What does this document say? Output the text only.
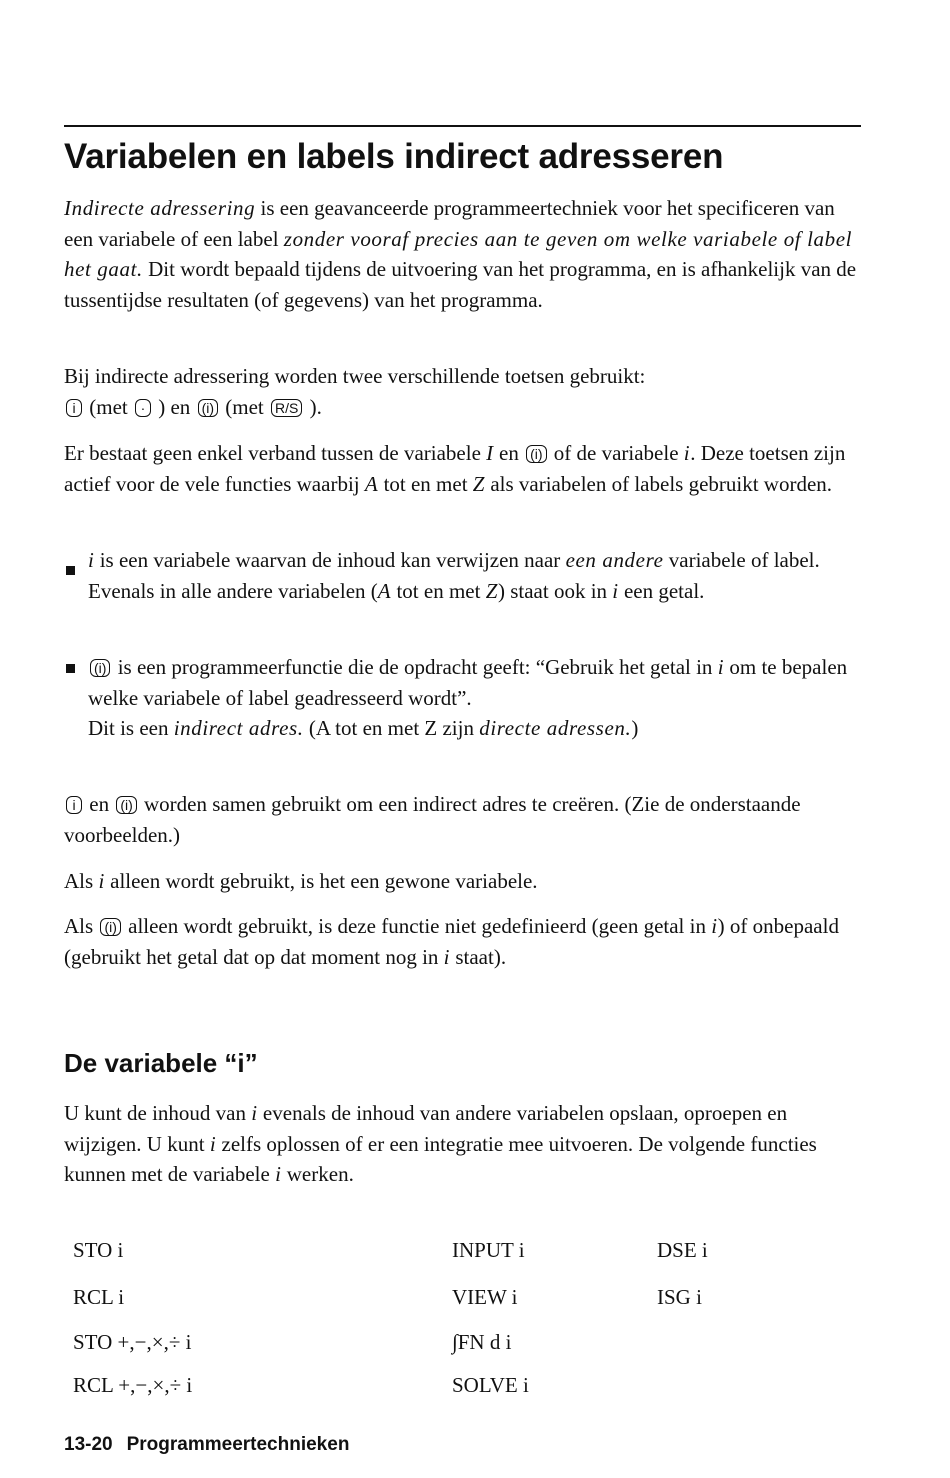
Variabelen en labels indirect adresseren

Indirecte adressering is een geavanceerde programmeertechniek voor het specificeren van een variabele of een label zonder vooraf precies aan te geven om welke variabele of label het gaat. Dit wordt bepaald tijdens de uitvoering van het programma, en is afhankelijk van de tussentijdse resultaten (of gegevens) van het programma.

Bij indirecte adressering worden twee verschillende toetsen gebruikt:
i (met · ) en (i) (met R/S ).

Er bestaat geen enkel verband tussen de variabele I en (i) of de variabele i. Deze toetsen zijn actief voor de vele functies waarbij A tot en met Z als variabelen of labels gebruikt worden.

i is een variabele waarvan de inhoud kan verwijzen naar een andere variabele of label. Evenals in alle andere variabelen (A tot en met Z) staat ook in i een getal.

(i) is een programmeerfunctie die de opdracht geeft: “Gebruik het getal in i om te bepalen welke variabele of label geadresseerd wordt”.
Dit is een indirect adres. (A tot en met Z zijn directe adressen.)

i en (i) worden samen gebruikt om een indirect adres te creëren. (Zie de onderstaande voorbeelden.)

Als i alleen wordt gebruikt, is het een gewone variabele.

Als (i) alleen wordt gebruikt, is deze functie niet gedefinieerd (geen getal in i) of onbepaald (gebruikt het getal dat op dat moment nog in i staat).

De variabele “i”

U kunt de inhoud van i evenals de inhoud van andere variabelen opslaan, oproepen en wijzigen. U kunt i zelfs oplossen of er een integratie mee uitvoeren. De volgende functies kunnen met de variabele i werken.

STO i
RCL i
STO +,−,×,÷ i
RCL +,−,×,÷ i
INPUT i
VIEW i
∫FN d i
SOLVE i
DSE i
ISG i
13-20 Programmeertechnieken
